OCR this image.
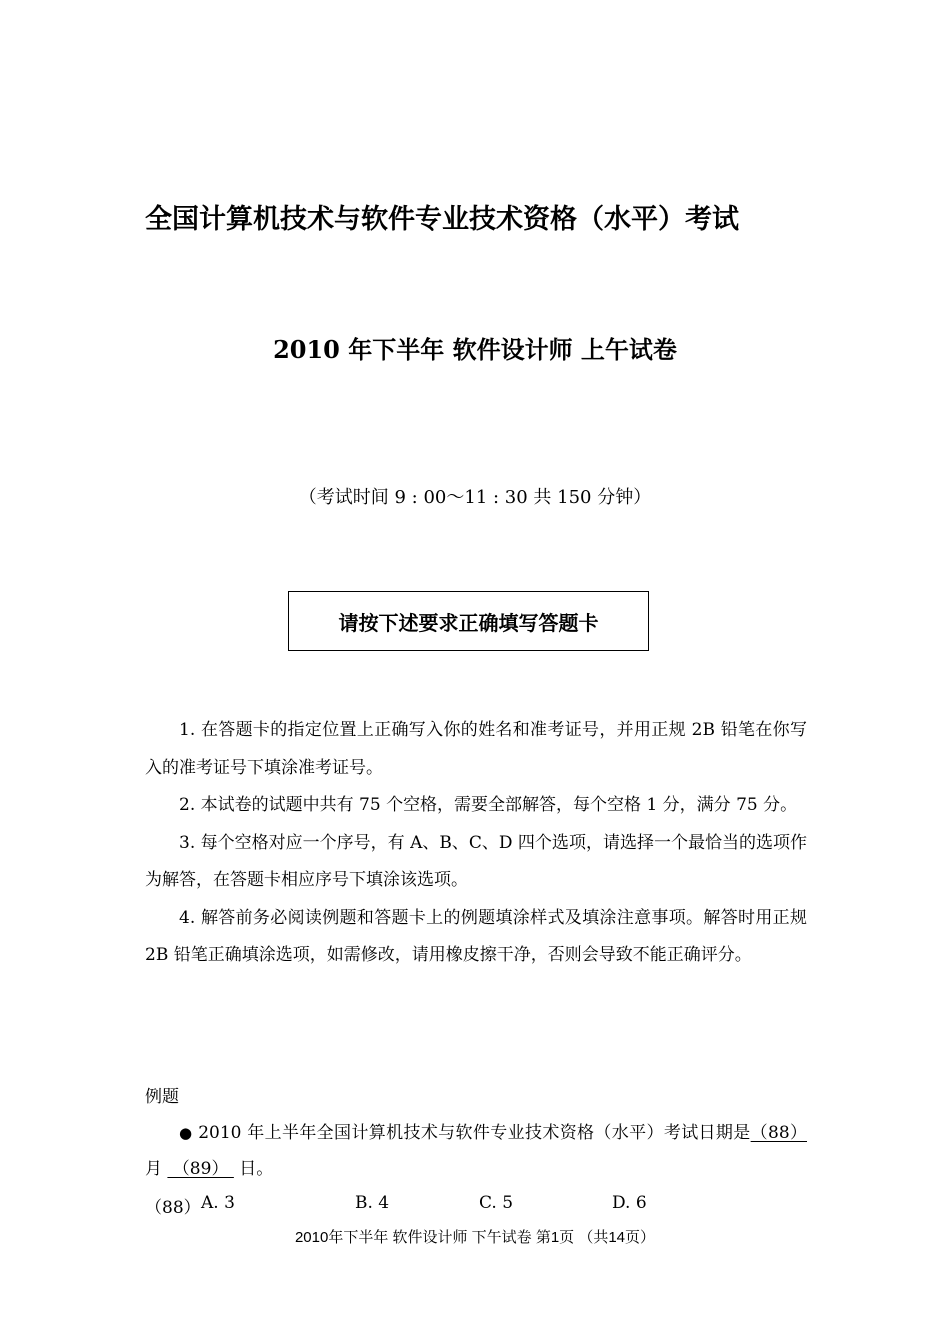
全国计算机技术与软件专业技术资格（水平）考试
2010 年下半年 软件设计师 上午试卷
（考试时间 9 : 00～11 : 30 共 150 分钟）
请按下述要求正确填写答题卡

1. 在答题卡的指定位置上正确写入你的姓名和准考证号，并用正规 2B 铅笔在你写入的准考证号下填涂准考证号。

2. 本试卷的试题中共有 75 个空格，需要全部解答，每个空格 1 分，满分 75 分。

3. 每个空格对应一个序号，有 A、B、C、D 四个选项，请选择一个最恰当的选项作为解答，在答题卡相应序号下填涂该选项。

4. 解答前务必阅读例题和答题卡上的例题填涂样式及填涂注意事项。解答时用正规 2B 铅笔正确填涂选项，如需修改，请用橡皮擦干净，否则会导致不能正确评分。

例题

● 2010 年上半年全国计算机技术与软件专业技术资格（水平）考试日期是（88） 月  （89）  日。

（88） A. 3	B. 4	C. 5	D. 6
2010年下半年 软件设计师 下午试卷 第1页 （共14页）
